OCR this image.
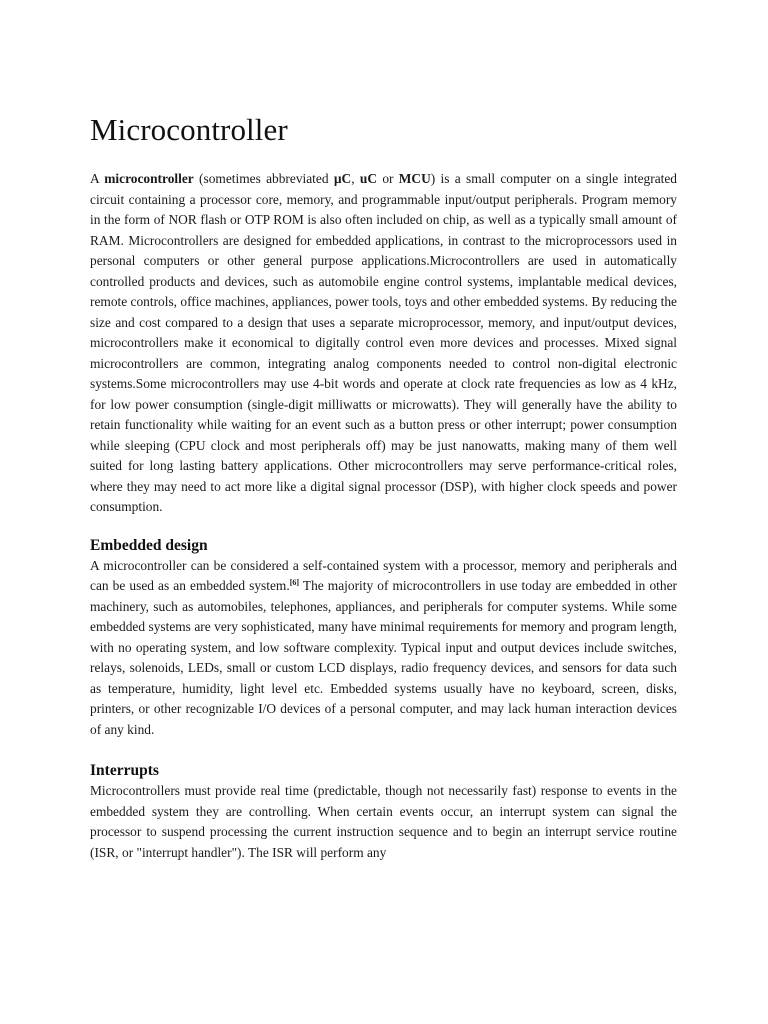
Microcontroller

A microcontroller (sometimes abbreviated µC, uC or MCU) is a small computer on a single integrated circuit containing a processor core, memory, and programmable input/output peripherals. Program memory in the form of NOR flash or OTP ROM is also often included on chip, as well as a typically small amount of RAM. Microcontrollers are designed for embedded applications, in contrast to the microprocessors used in personal computers or other general purpose applications.Microcontrollers are used in automatically controlled products and devices, such as automobile engine control systems, implantable medical devices, remote controls, office machines, appliances, power tools, toys and other embedded systems. By reducing the size and cost compared to a design that uses a separate microprocessor, memory, and input/output devices, microcontrollers make it economical to digitally control even more devices and processes. Mixed signal microcontrollers are common, integrating analog components needed to control non-digital electronic systems.Some microcontrollers may use 4-bit words and operate at clock rate frequencies as low as 4 kHz, for low power consumption (single-digit milliwatts or microwatts). They will generally have the ability to retain functionality while waiting for an event such as a button press or other interrupt; power consumption while sleeping (CPU clock and most peripherals off) may be just nanowatts, making many of them well suited for long lasting battery applications. Other microcontrollers may serve performance-critical roles, where they may need to act more like a digital signal processor (DSP), with higher clock speeds and power consumption.

Embedded design

A microcontroller can be considered a self-contained system with a processor, memory and peripherals and can be used as an embedded system.[6] The majority of microcontrollers in use today are embedded in other machinery, such as automobiles, telephones, appliances, and peripherals for computer systems. While some embedded systems are very sophisticated, many have minimal requirements for memory and program length, with no operating system, and low software complexity. Typical input and output devices include switches, relays, solenoids, LEDs, small or custom LCD displays, radio frequency devices, and sensors for data such as temperature, humidity, light level etc. Embedded systems usually have no keyboard, screen, disks, printers, or other recognizable I/O devices of a personal computer, and may lack human interaction devices of any kind.

Interrupts

Microcontrollers must provide real time (predictable, though not necessarily fast) response to events in the embedded system they are controlling. When certain events occur, an interrupt system can signal the processor to suspend processing the current instruction sequence and to begin an interrupt service routine (ISR, or "interrupt handler"). The ISR will perform any
